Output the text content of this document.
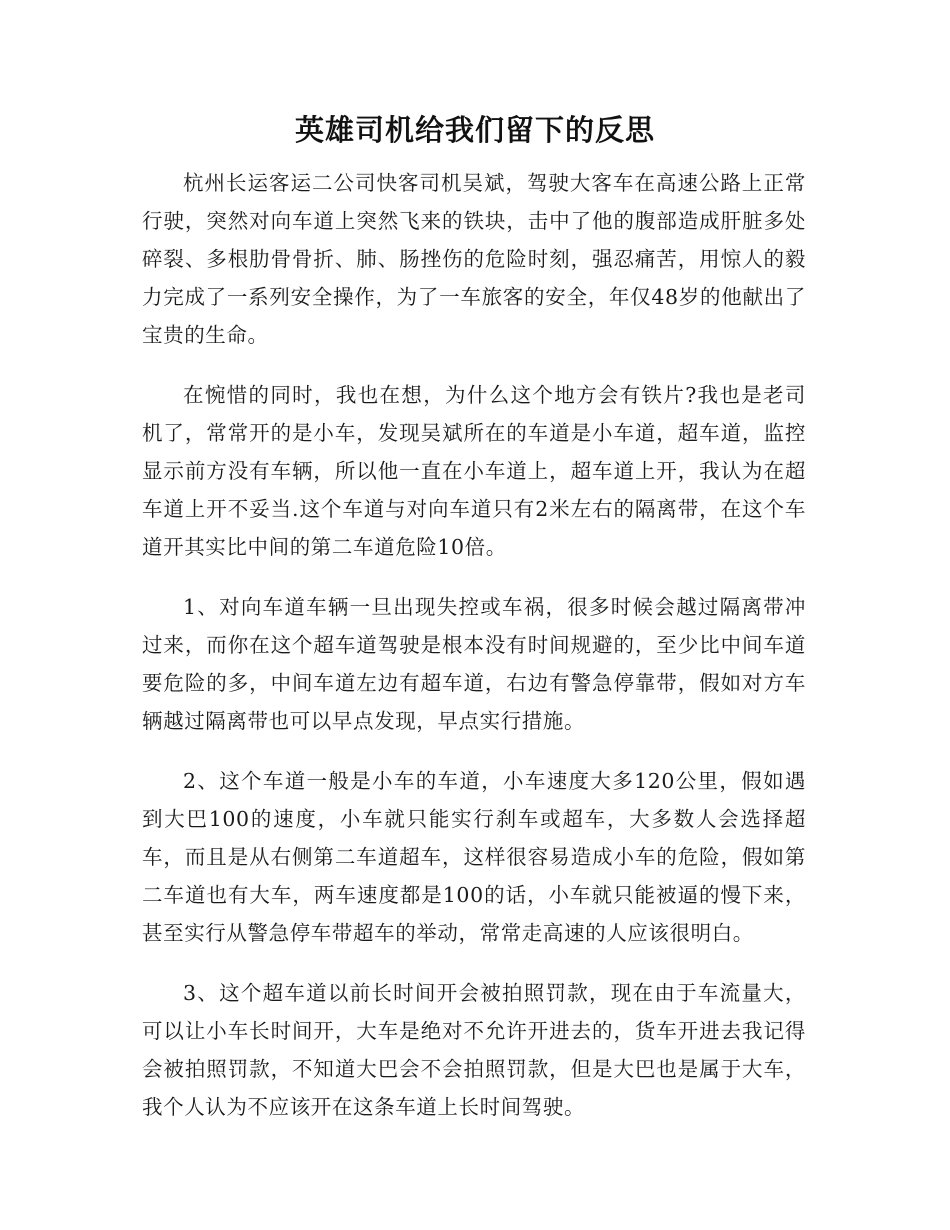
英雄司机给我们留下的反思

杭州长运客运二公司快客司机吴斌，驾驶大客车在高速公路上正常行驶，突然对向车道上突然飞来的铁块，击中了他的腹部造成肝脏多处碎裂、多根肋骨骨折、肺、肠挫伤的危险时刻，强忍痛苦，用惊人的毅力完成了一系列安全操作，为了一车旅客的安全，年仅48岁的他献出了宝贵的生命。

在惋惜的同时，我也在想，为什么这个地方会有铁片?我也是老司机了，常常开的是小车，发现吴斌所在的车道是小车道，超车道，监控显示前方没有车辆，所以他一直在小车道上，超车道上开，我认为在超车道上开不妥当.这个车道与对向车道只有2米左右的隔离带，在这个车道开其实比中间的第二车道危险10倍。

1、对向车道车辆一旦出现失控或车祸，很多时候会越过隔离带冲过来，而你在这个超车道驾驶是根本没有时间规避的，至少比中间车道要危险的多，中间车道左边有超车道，右边有警急停靠带，假如对方车辆越过隔离带也可以早点发现，早点实行措施。

2、这个车道一般是小车的车道，小车速度大多120公里，假如遇到大巴100的速度，小车就只能实行刹车或超车，大多数人会选择超车，而且是从右侧第二车道超车，这样很容易造成小车的危险，假如第二车道也有大车，两车速度都是100的话，小车就只能被逼的慢下来，甚至实行从警急停车带超车的举动，常常走高速的人应该很明白。

3、这个超车道以前长时间开会被拍照罚款，现在由于车流量大，可以让小车长时间开，大车是绝对不允许开进去的，货车开进去我记得会被拍照罚款，不知道大巴会不会拍照罚款，但是大巴也是属于大车，我个人认为不应该开在这条车道上长时间驾驶。
